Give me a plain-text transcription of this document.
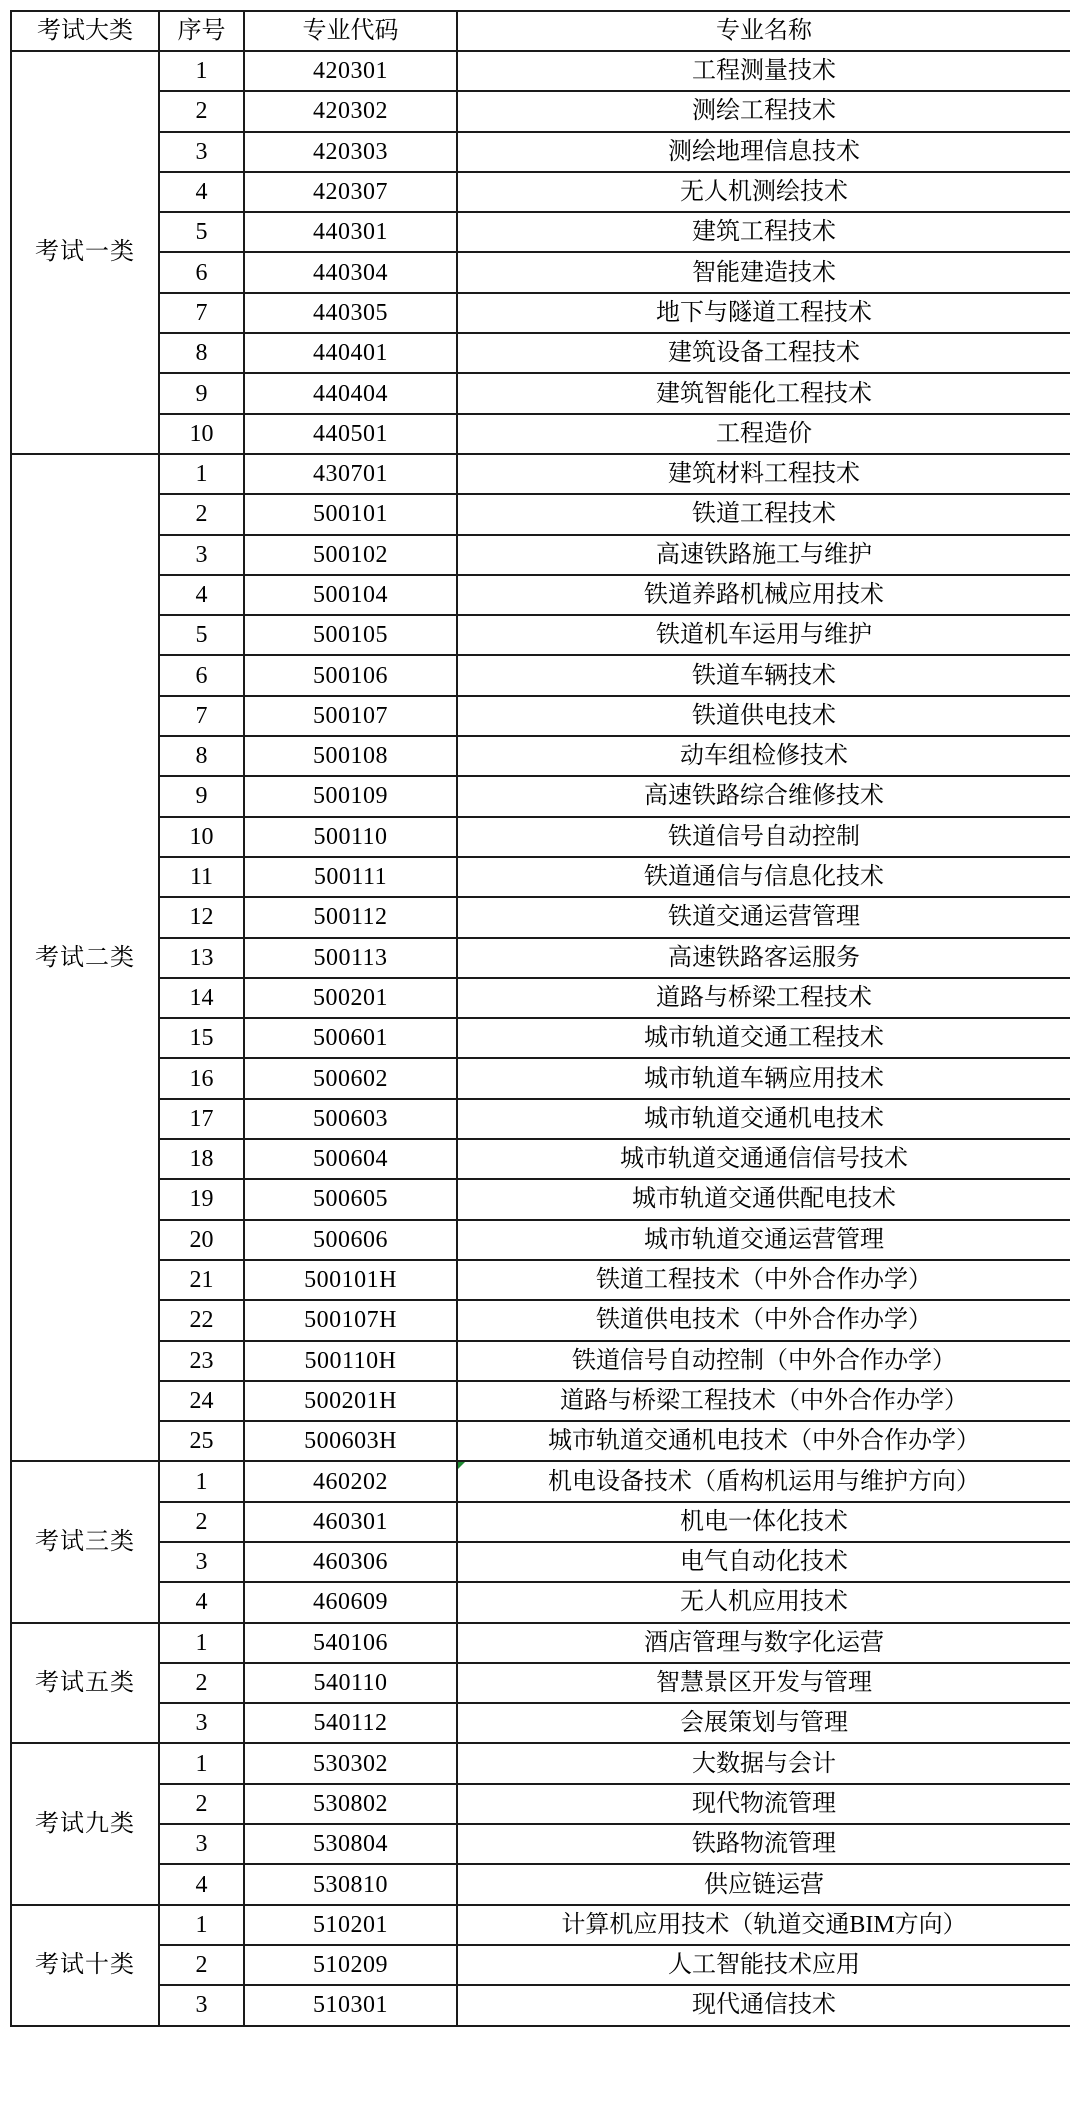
考试大类	序号	专业代码	专业名称
考试一类	1	420301	工程测量技术
	2	420302	测绘工程技术
	3	420303	测绘地理信息技术
	4	420307	无人机测绘技术
	5	440301	建筑工程技术
	6	440304	智能建造技术
	7	440305	地下与隧道工程技术
	8	440401	建筑设备工程技术
	9	440404	建筑智能化工程技术
	10	440501	工程造价
考试二类	1	430701	建筑材料工程技术
	2	500101	铁道工程技术
	3	500102	高速铁路施工与维护
	4	500104	铁道养路机械应用技术
	5	500105	铁道机车运用与维护
	6	500106	铁道车辆技术
	7	500107	铁道供电技术
	8	500108	动车组检修技术
	9	500109	高速铁路综合维修技术
	10	500110	铁道信号自动控制
	11	500111	铁道通信与信息化技术
	12	500112	铁道交通运营管理
	13	500113	高速铁路客运服务
	14	500201	道路与桥梁工程技术
	15	500601	城市轨道交通工程技术
	16	500602	城市轨道车辆应用技术
	17	500603	城市轨道交通机电技术
	18	500604	城市轨道交通通信信号技术
	19	500605	城市轨道交通供配电技术
	20	500606	城市轨道交通运营管理
	21	500101H	铁道工程技术（中外合作办学）
	22	500107H	铁道供电技术（中外合作办学）
	23	500110H	铁道信号自动控制（中外合作办学）
	24	500201H	道路与桥梁工程技术（中外合作办学）
	25	500603H	城市轨道交通机电技术（中外合作办学）
考试三类	1	460202	机电设备技术（盾构机运用与维护方向）
	2	460301	机电一体化技术
	3	460306	电气自动化技术
	4	460609	无人机应用技术
考试五类	1	540106	酒店管理与数字化运营
	2	540110	智慧景区开发与管理
	3	540112	会展策划与管理
考试九类	1	530302	大数据与会计
	2	530802	现代物流管理
	3	530804	铁路物流管理
	4	530810	供应链运营
考试十类	1	510201	计算机应用技术（轨道交通BIM方向）
	2	510209	人工智能技术应用
	3	510301	现代通信技术
